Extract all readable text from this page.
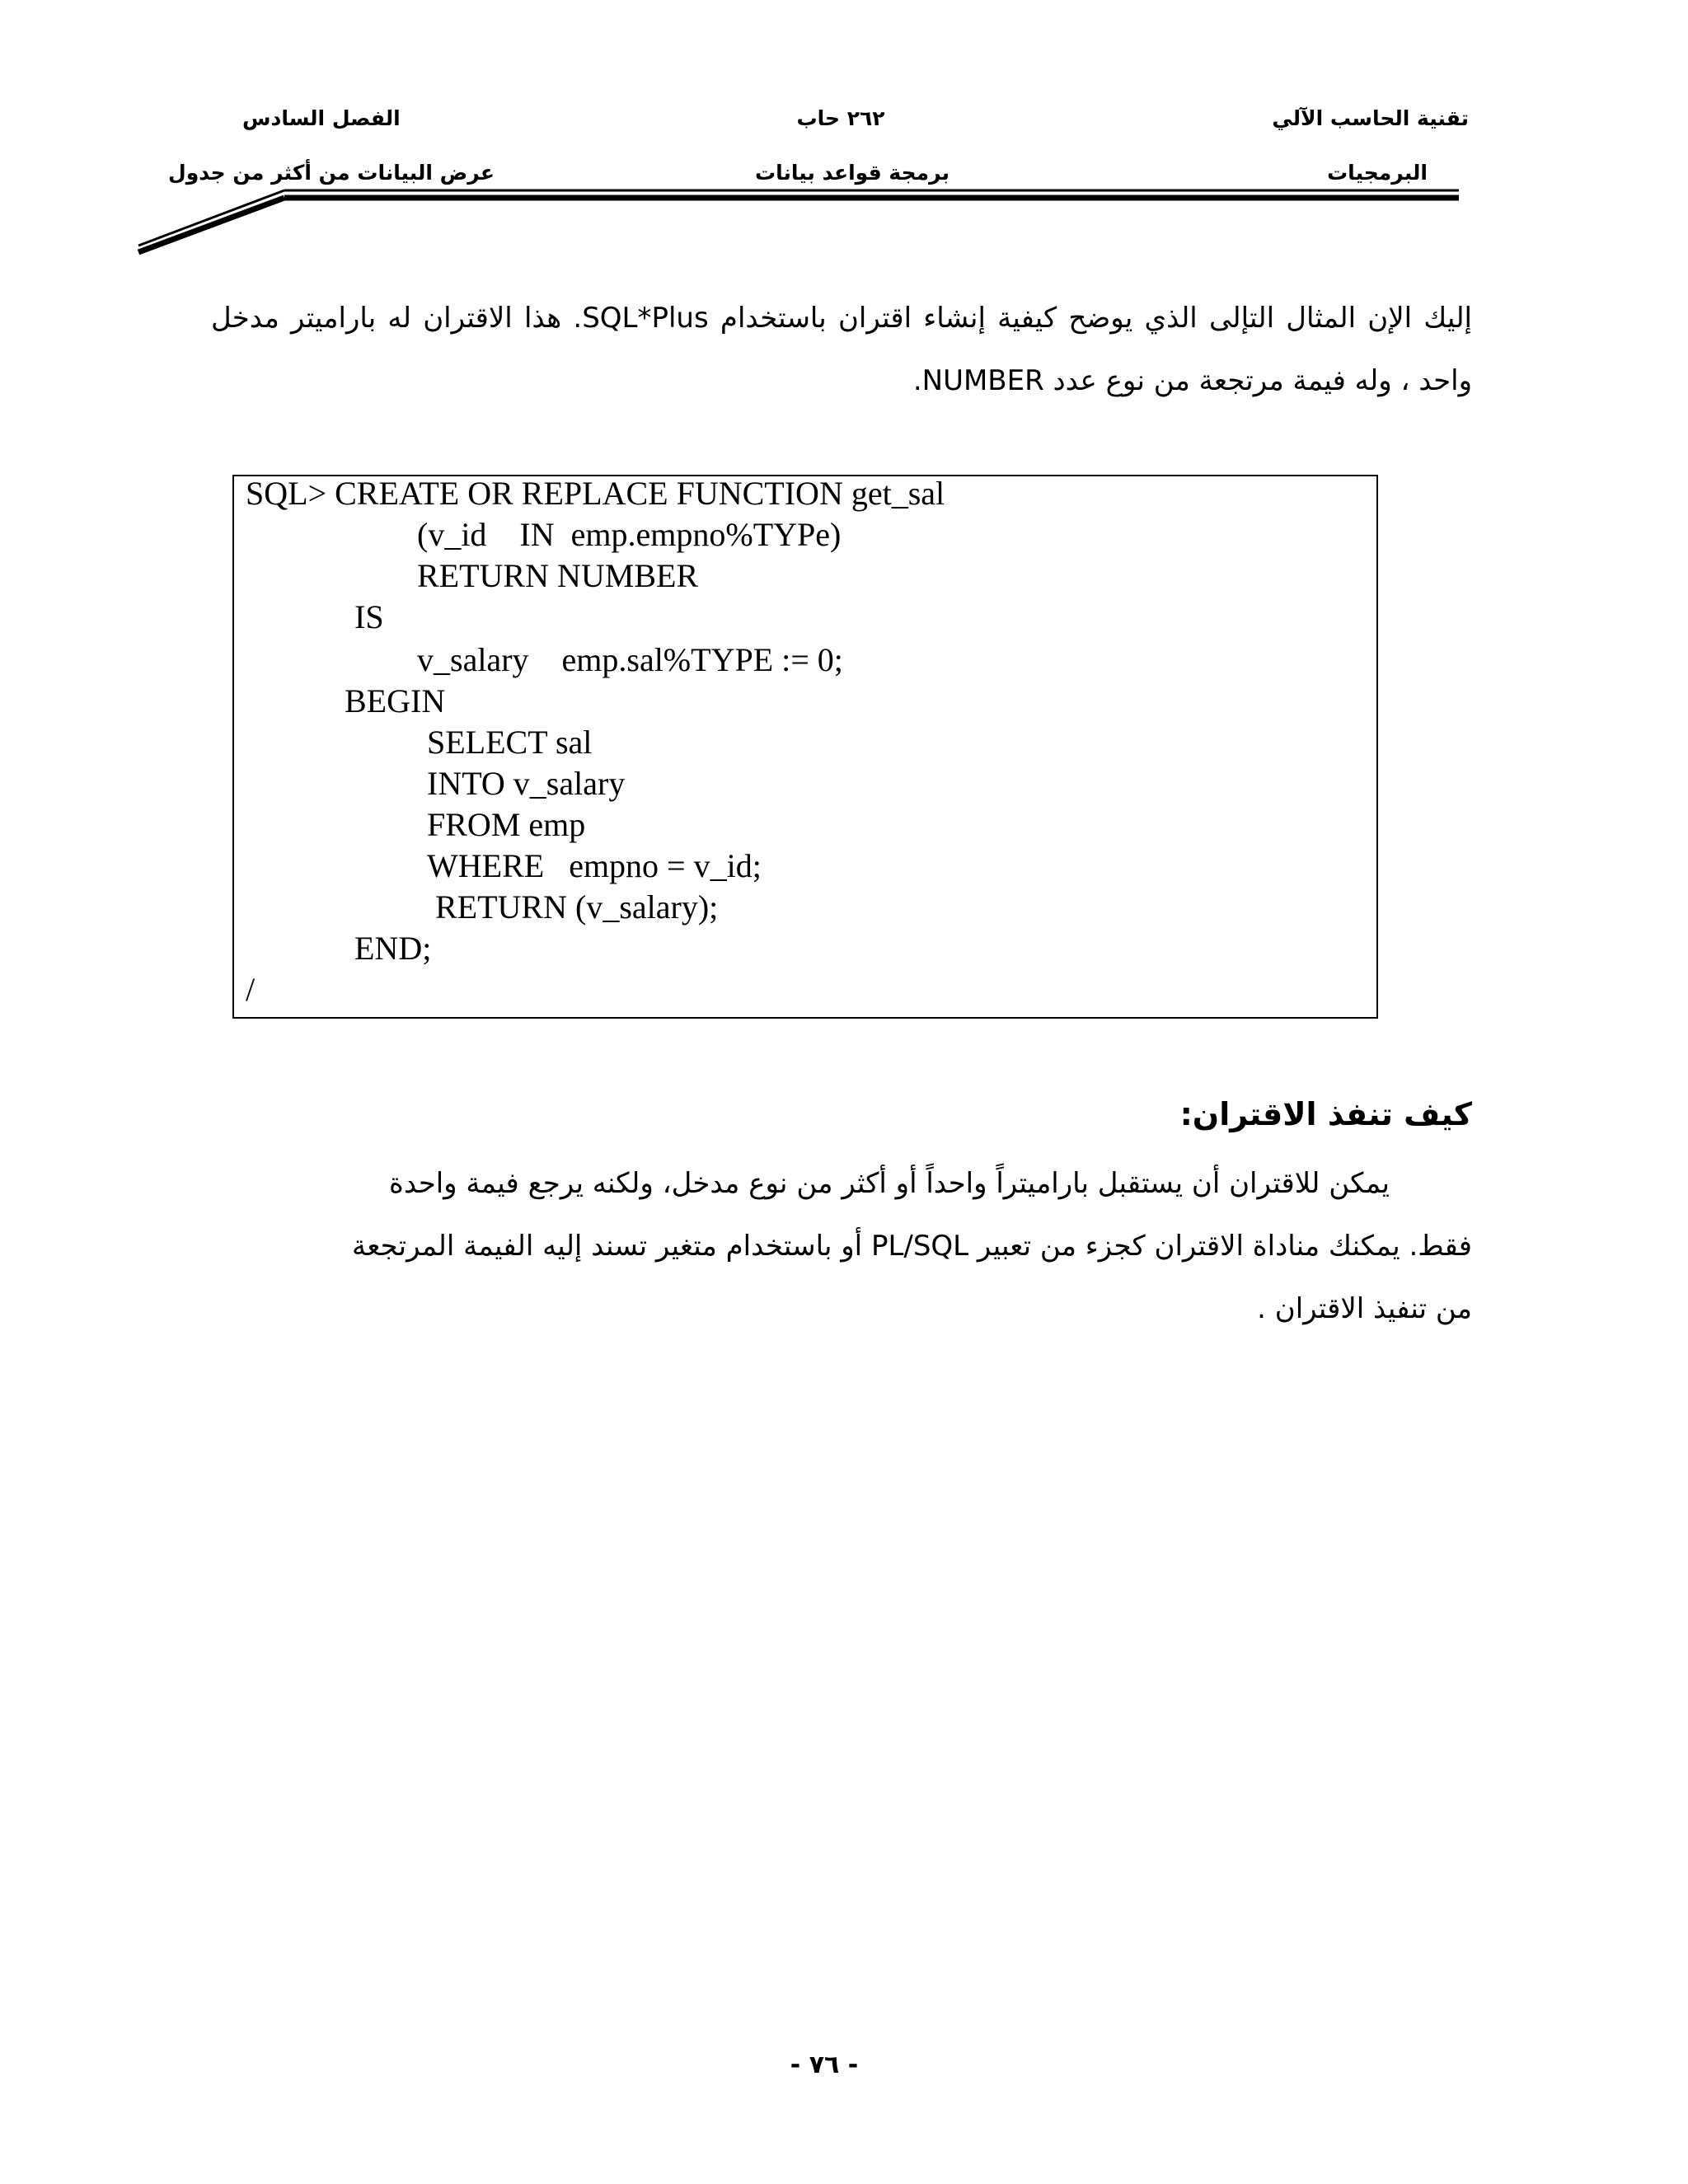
تقنية الحاسب الآلي
٢٦٢ حاب
الفصل السادس
البرمجيات
برمجة قواعد بيانات
عرض البيانات من أكثر من جدول
إليك الإن المثال التإلى الذي يوضح كيفية إنشاء اقتران باستخدام SQL*Plus. هذا الاقتران له باراميتر مدخل واحد ، وله فيمة مرتجعة من نوع عدد NUMBER.
SQL> CREATE OR REPLACE FUNCTION get_sal
(v_id    IN  emp.empno%TYPe)
RETURN NUMBER
IS
v_salary    emp.sal%TYPE := 0;
BEGIN
SELECT sal
INTO v_salary
FROM emp
WHERE   empno = v_id;
RETURN (v_salary);
END;
/
كيف تنفذ الاقتران:
يمكن للاقتران أن يستقبل باراميتراً واحداً أو أكثر من نوع مدخل، ولكنه يرجع فيمة واحدة
فقط. يمكنك مناداة الاقتران كجزء من تعبير PL/SQL أو باستخدام متغير تسند إليه الفيمة المرتجعة
من تنفيذ الاقتران .
- ٧٦ -
